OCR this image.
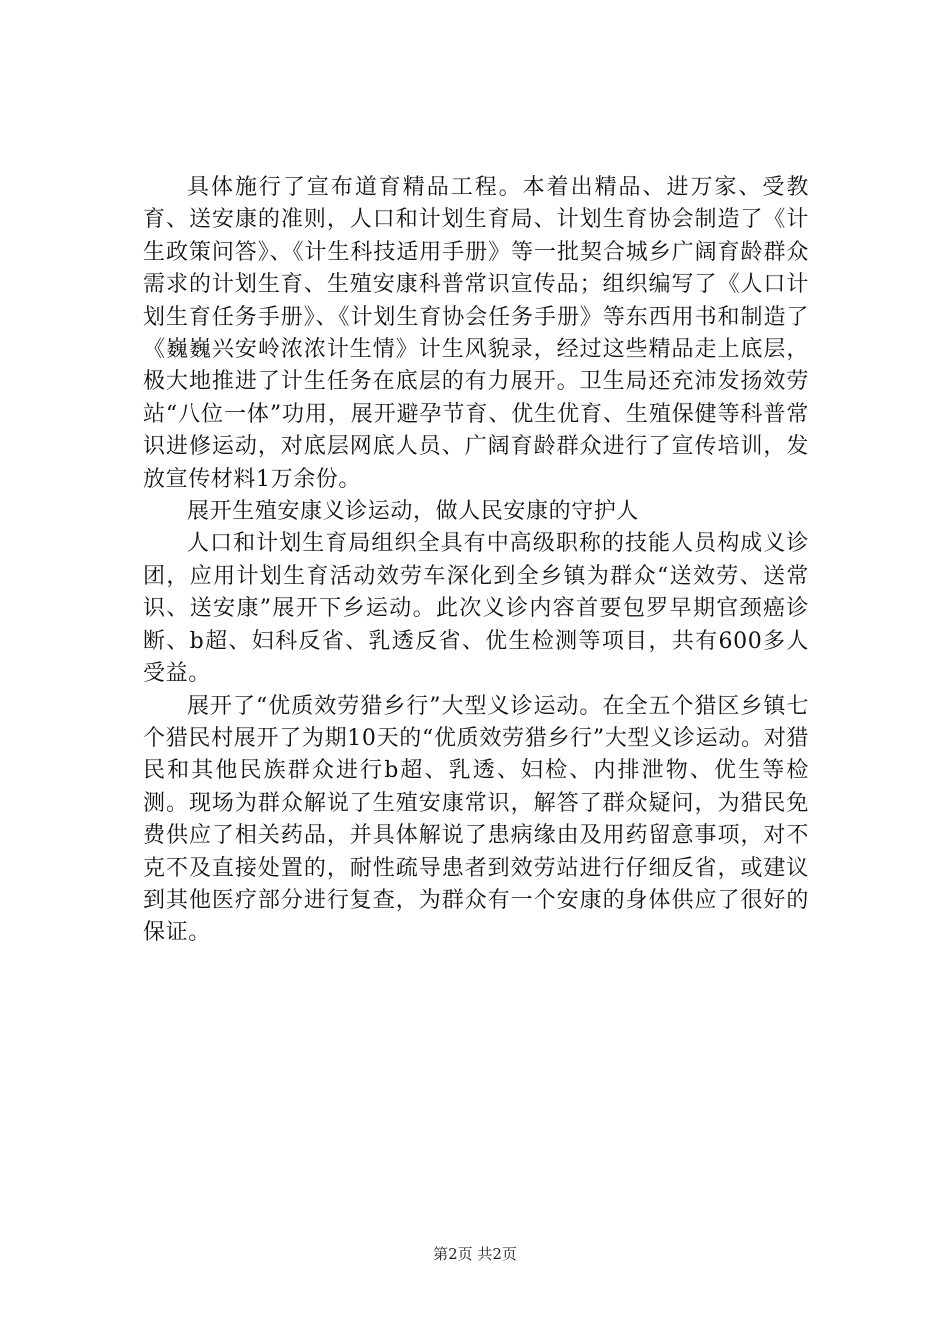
具体施行了宣布道育精品工程。本着出精品、进万家、受教育、送安康的准则，人口和计划生育局、计划生育协会制造了《计生政策问答》、《计生科技适用手册》等一批契合城乡广阔育龄群众需求的计划生育、生殖安康科普常识宣传品；组织编写了《人口计划生育任务手册》、《计划生育协会任务手册》等东西用书和制造了《巍巍兴安岭浓浓计生情》计生风貌录，经过这些精品走上底层，极大地推进了计生任务在底层的有力展开。卫生局还充沛发扬效劳站“八位一体”功用，展开避孕节育、优生优育、生殖保健等科普常识进修运动，对底层网底人员、广阔育龄群众进行了宣传培训，发放宣传材料1万余份。

展开生殖安康义诊运动，做人民安康的守护人

人口和计划生育局组织全具有中高级职称的技能人员构成义诊团，应用计划生育活动效劳车深化到全乡镇为群众“送效劳、送常识、送安康”展开下乡运动。此次义诊内容首要包罗早期官颈癌诊断、b超、妇科反省、乳透反省、优生检测等项目，共有600多人受益。

展开了“优质效劳猎乡行”大型义诊运动。在全五个猎区乡镇七个猎民村展开了为期10天的“优质效劳猎乡行”大型义诊运动。对猎民和其他民族群众进行b超、乳透、妇检、内排泄物、优生等检测。现场为群众解说了生殖安康常识，解答了群众疑问，为猎民免费供应了相关药品，并具体解说了患病缘由及用药留意事项，对不克不及直接处置的，耐性疏导患者到效劳站进行仔细反省，或建议到其他医疗部分进行复查，为群众有一个安康的身体供应了很好的保证。

第2页 共2页
